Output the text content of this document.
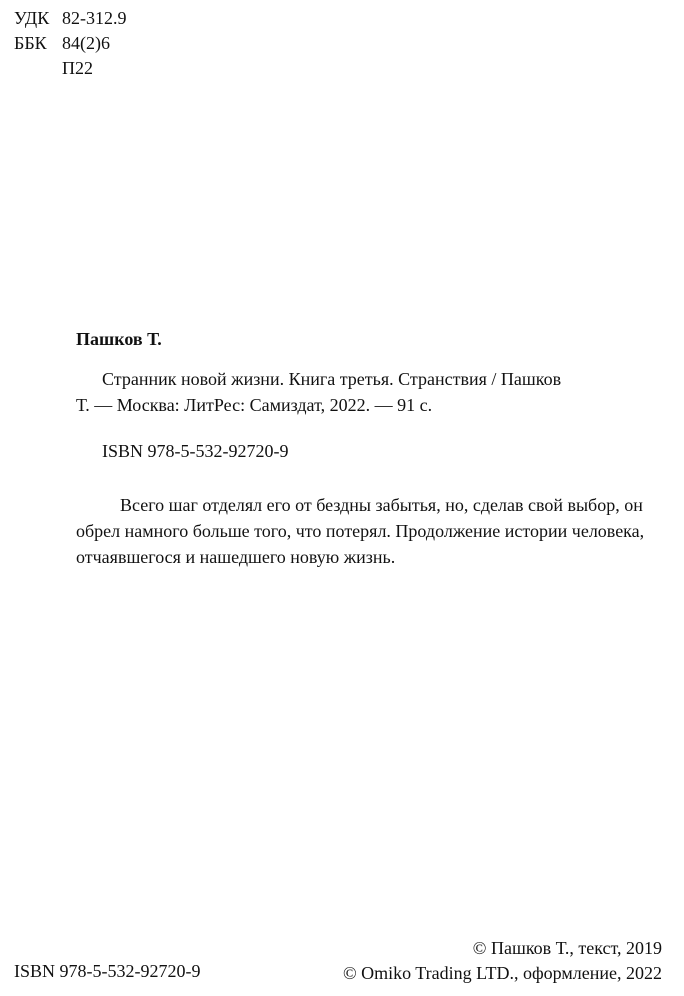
УДК 82-312.9
ББК 84(2)6
П22
Пашков Т.
Странник новой жизни. Книга третья. Странствия / Пашков
Т. — Москва: ЛитРес: Самиздат, 2022. — 91 с.
ISBN 978-5-532-92720-9
Всего шаг отделял его от бездны забытья, но, сделав свой выбор, он
обрел намного больше того, что потерял. Продолжение истории человека,
отчаявшегося и нашедшего новую жизнь.
ISBN 978-5-532-92720-9
© Пашков Т., текст, 2019
© Omiko Trading LTD., оформление, 2022
